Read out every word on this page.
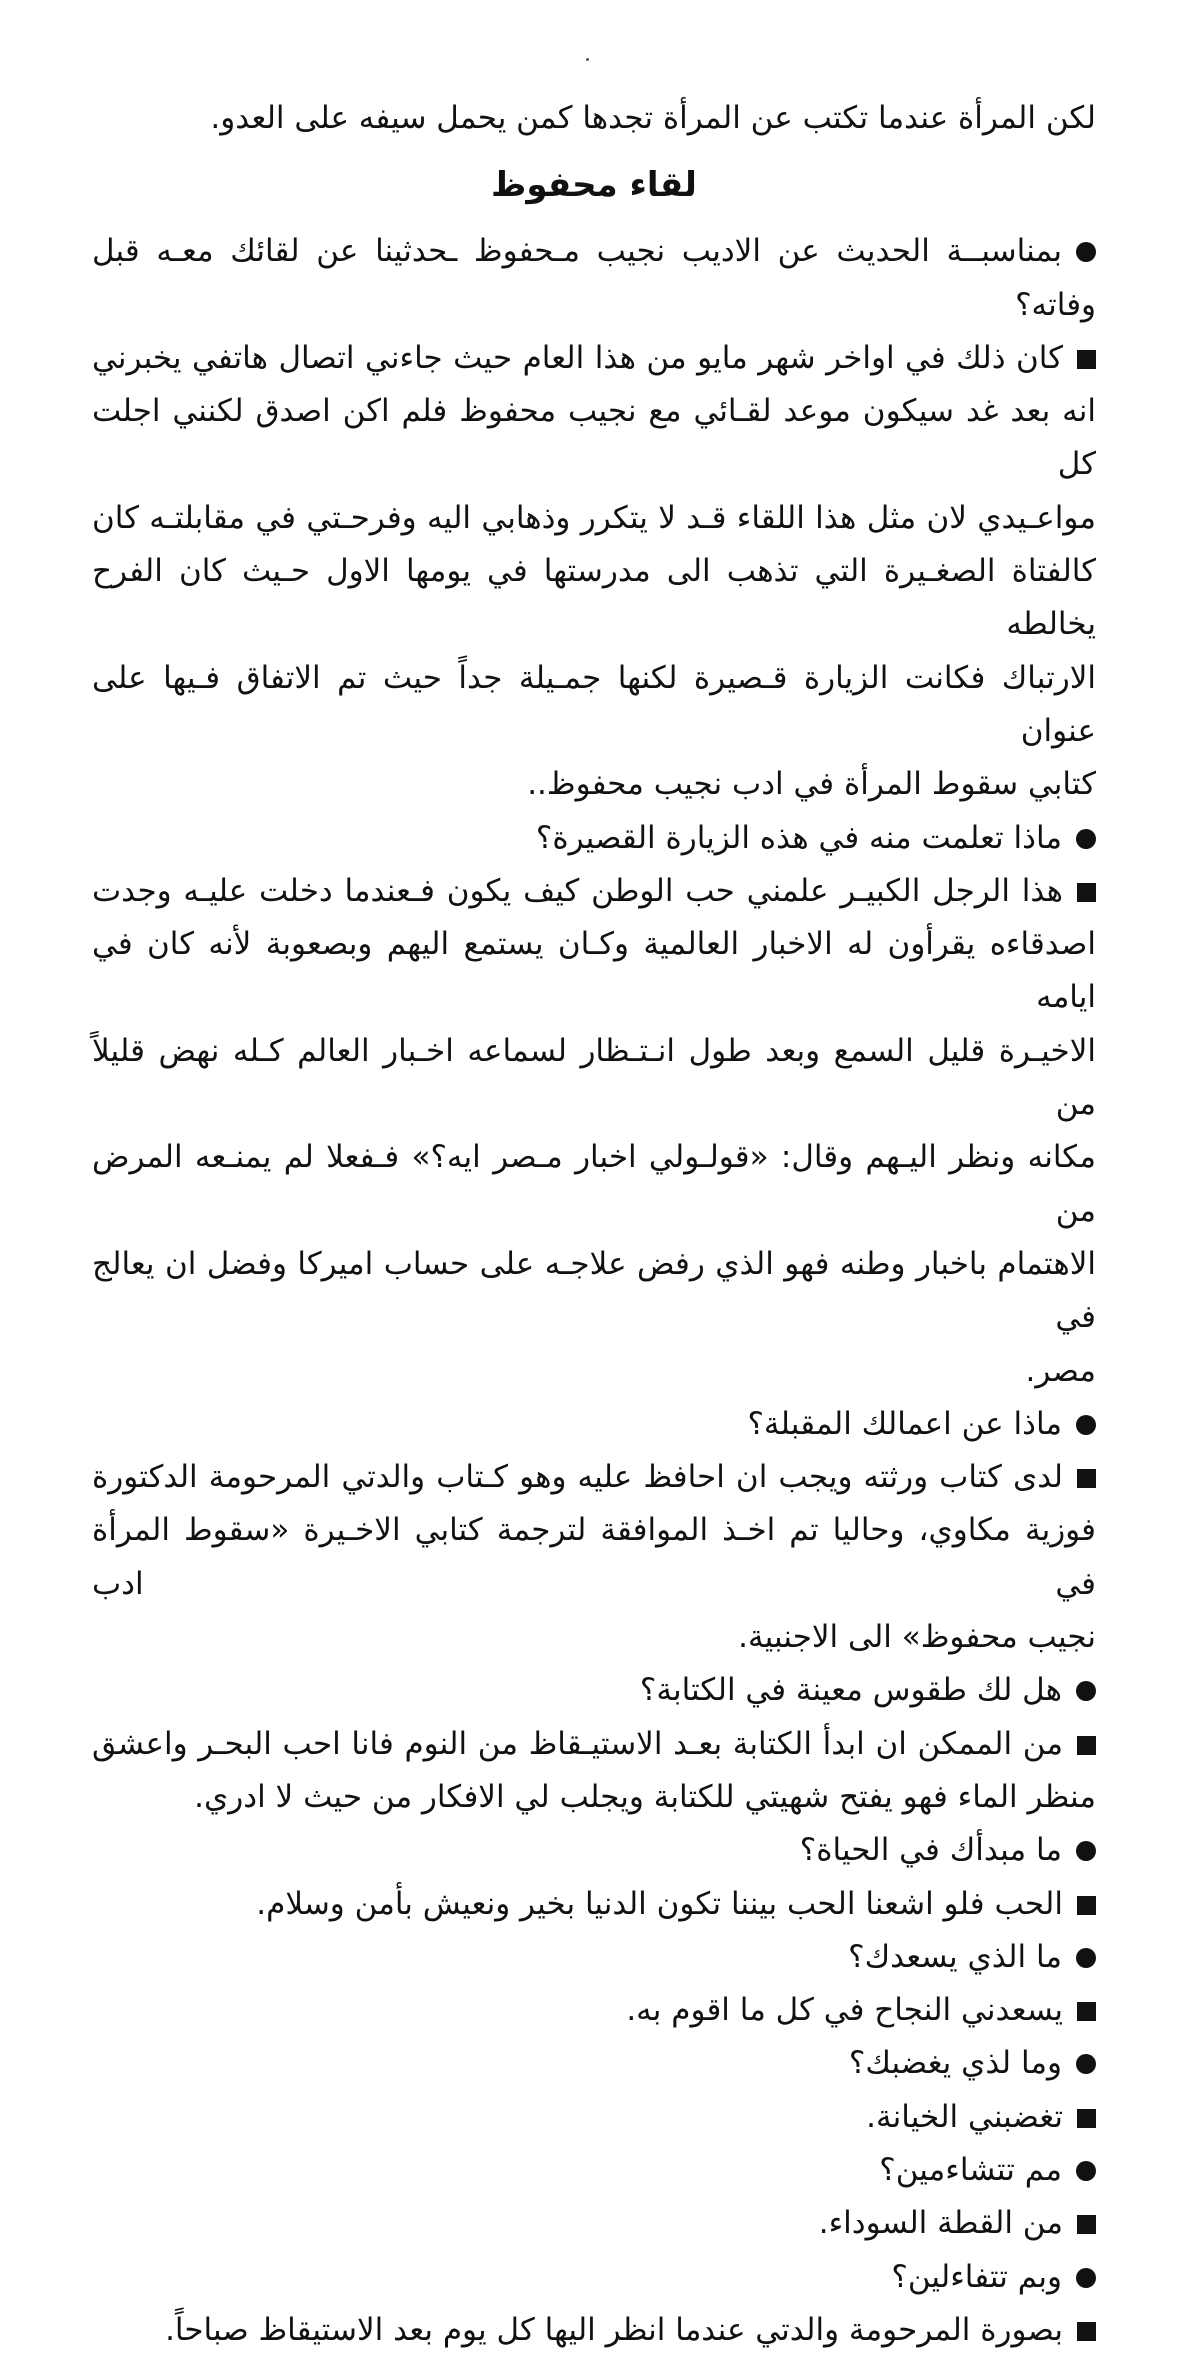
لكن المرأة عندما تكتب عن المرأة تجدها كمن يحمل سيفه على العدو.

لقاء محفوظ

بمناسبــة الحديث عن الاديب نجيب مـحفوظ ـحدثينا عن لقائك معـه قبل

وفاته؟

كان ذلك في اواخر شهر مايو من هذا العام حيث جاءني اتصال هاتفي يخبرني

انه بعد غد سيكون موعد لقـائي مع نجيب محفوظ فلم اكن اصدق لكنني اجلت كل

مواعـيدي لان مثل هذا اللقاء قـد لا يتكرر وذهابي اليه وفرحـتي في مقابلتـه كان

كالفتاة الصغـيرة التي تذهب الى مدرستها في يومها الاول حـيث كان الفرح يخالطه

الارتباك فكانت الزيارة قـصيرة لكنها جمـيلة جداً حيث تم الاتفاق فـيها على عنوان

كتابي سقوط المرأة في ادب نجيب محفوظ..

ماذا تعلمت منه في هذه الزيارة القصيرة؟

هذا الرجل الكبيـر علمني حب الوطن كيف يكون فـعندما دخلت عليـه وجدت

اصدقاءه يقرأون له الاخبار العالمية وكـان يستمع اليهم وبصعوبة لأنه كان في ايامه

الاخيـرة قليل السمع وبعد طول انـتـظار لسماعه اخـبار العالم كـله نهض قليلاً من

مكانه ونظر اليـهم وقال: «قولـولي اخبار مـصر ايه؟» فـفعلا لم يمنـعه المرض من

الاهتمام باخبار وطنه فهو الذي رفض علاجـه على حساب اميركا وفضل ان يعالج في

مصر.

ماذا عن اعمالك المقبلة؟

لدى كتاب ورثته ويجب ان احافظ عليه وهو كـتاب والدتي المرحومة الدكتورة

فوزية مكاوي، وحاليا تم اخـذ الموافقة لترجمة كتابي الاخـيرة «سقوط المرأة في ادب

نجيب محفوظ» الى الاجنبية.

هل لك طقوس معينة في الكتابة؟

من الممكن ان ابدأ الكتابة بعـد الاستيـقاظ من النوم فانا احب البحـر واعشق

منظر الماء فهو يفتح شهيتي للكتابة ويجلب لي الافكار من حيث لا ادري.

ما مبدأك في الحياة؟

الحب فلو اشعنا الحب بيننا تكون الدنيا بخير ونعيش بأمن وسلام.

ما الذي يسعدك؟

يسعدني النجاح في كل ما اقوم به.

وما لذي يغضبك؟

تغضبني الخيانة.

مم تتشاءمين؟

من القطة السوداء.

وبم تتفاءلين؟

بصورة المرحومة والدتي عندما انظر اليها كل يوم بعد الاستيقاظ صباحاً.
